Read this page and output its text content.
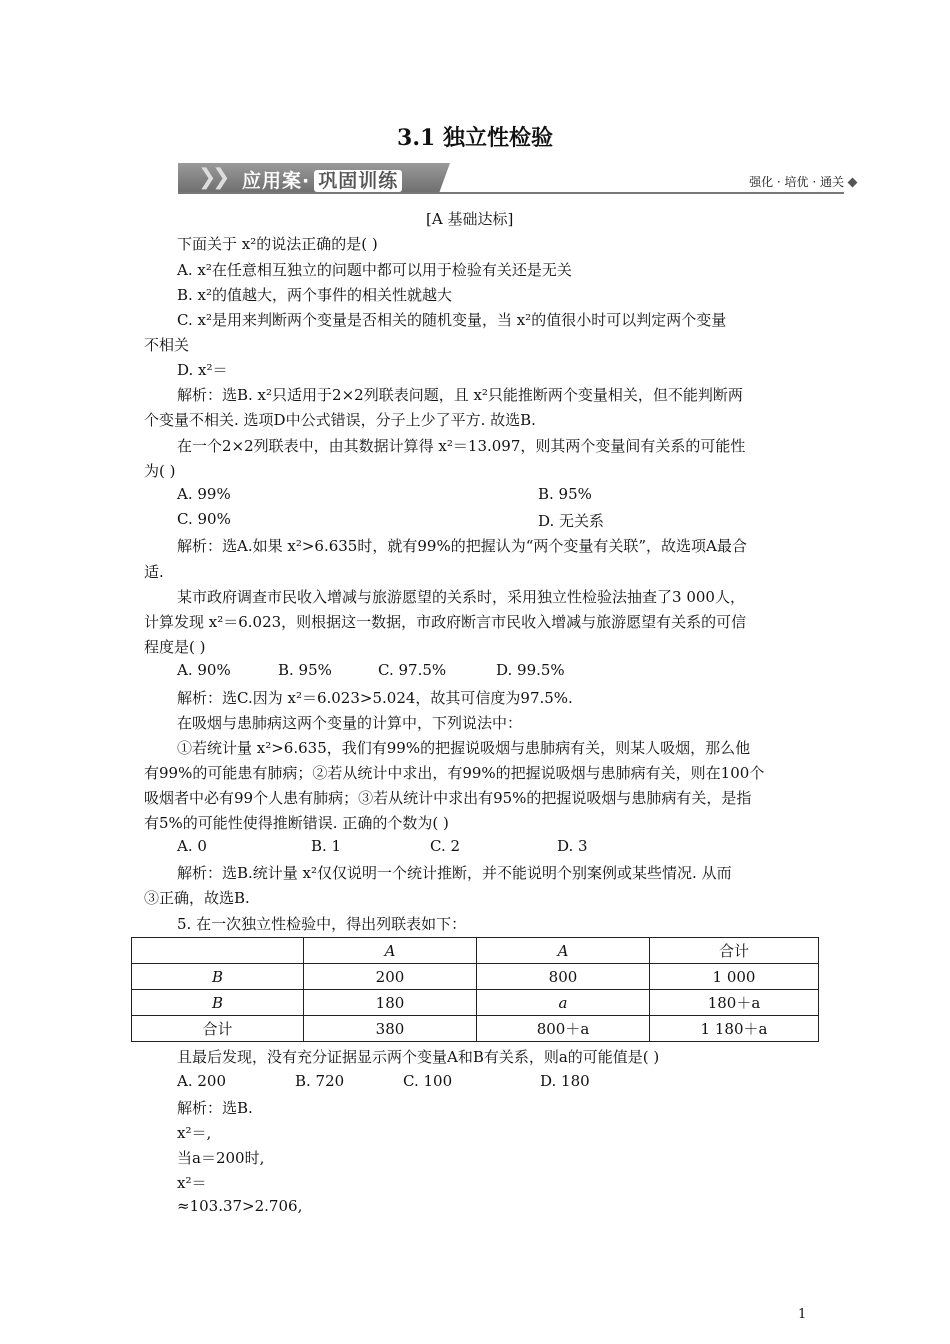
3.1 独立性检验
❯
❯ 应用案· 巩固训练	强化 · 培优 · 通关
[A 基础达标]
下面关于 x²的说法正确的是( )
A. x²在任意相互独立的问题中都可以用于检验有关还是无关
B. x²的值越大，两个事件的相关性就越大
C. x²是用来判断两个变量是否相关的随机变量，当 x²的值很小时可以判定两个变量
不相关
D. x²＝
解析：选B. x²只适用于2×2列联表问题，且 x²只能推断两个变量相关，但不能判断两
个变量不相关. 选项D中公式错误，分子上少了平方. 故选B.
在一个2×2列联表中，由其数据计算得 x²＝13.097，则其两个变量间有关系的可能性
为( )
A. 99%	B. 95%
C. 90%	D. 无关系
解析：选A.如果 x²>6.635时，就有99%的把握认为“两个变量有关联”，故选项A最合
适.
某市政府调查市民收入增减与旅游愿望的关系时，采用独立性检验法抽查了3 000人，
计算发现 x²＝6.023，则根据这一数据，市政府断言市民收入增减与旅游愿望有关系的可信
程度是( )
A. 90%	B. 95%	C. 97.5%	D. 99.5%
解析：选C.因为 x²＝6.023>5.024，故其可信度为97.5%.
在吸烟与患肺病这两个变量的计算中，下列说法中：
①若统计量 x²>6.635，我们有99%的把握说吸烟与患肺病有关，则某人吸烟，那么他
有99%的可能患有肺病；②若从统计中求出，有99%的把握说吸烟与患肺病有关，则在100个
吸烟者中必有99个人患有肺病；③若从统计中求出有95%的把握说吸烟与患肺病有关，是指
有5%的可能性使得推断错误. 正确的个数为( )
A. 0	B. 1	C. 2	D. 3
解析：选B.统计量 x²仅仅说明一个统计推断，并不能说明个别案例或某些情况. 从而
③正确，故选B.
5. 在一次独立性检验中，得出列联表如下：
	A	A	合计
B	200	800	1 000
B	180	a	180＋a
合计	380	800＋a	1 180＋a
且最后发现，没有充分证据显示两个变量A和B有关系，则a的可能值是( )
A. 200	B. 720	C. 100	D. 180
解析：选B.
x²＝,
当a＝200时,
x²＝
≈103.37>2.706,
1
